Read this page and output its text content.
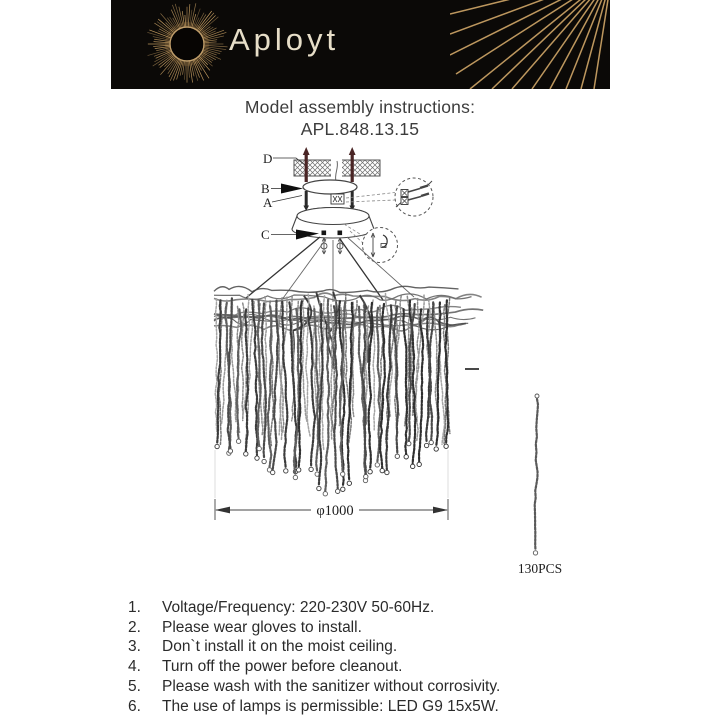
Aployt
Model assembly instructions:
APL.848.13.15
D
B
A
C
φ1000
130PCS
1.	Voltage/Frequency: 220-230V 50-60Hz.
2.	Please wear gloves to install.
3.	Don`t install it on the moist ceiling.
4.	Turn off the power before cleanout.
5.	Please wash with the sanitizer without corrosivity.
6.	The use of lamps is permissible: LED G9 15x5W.
